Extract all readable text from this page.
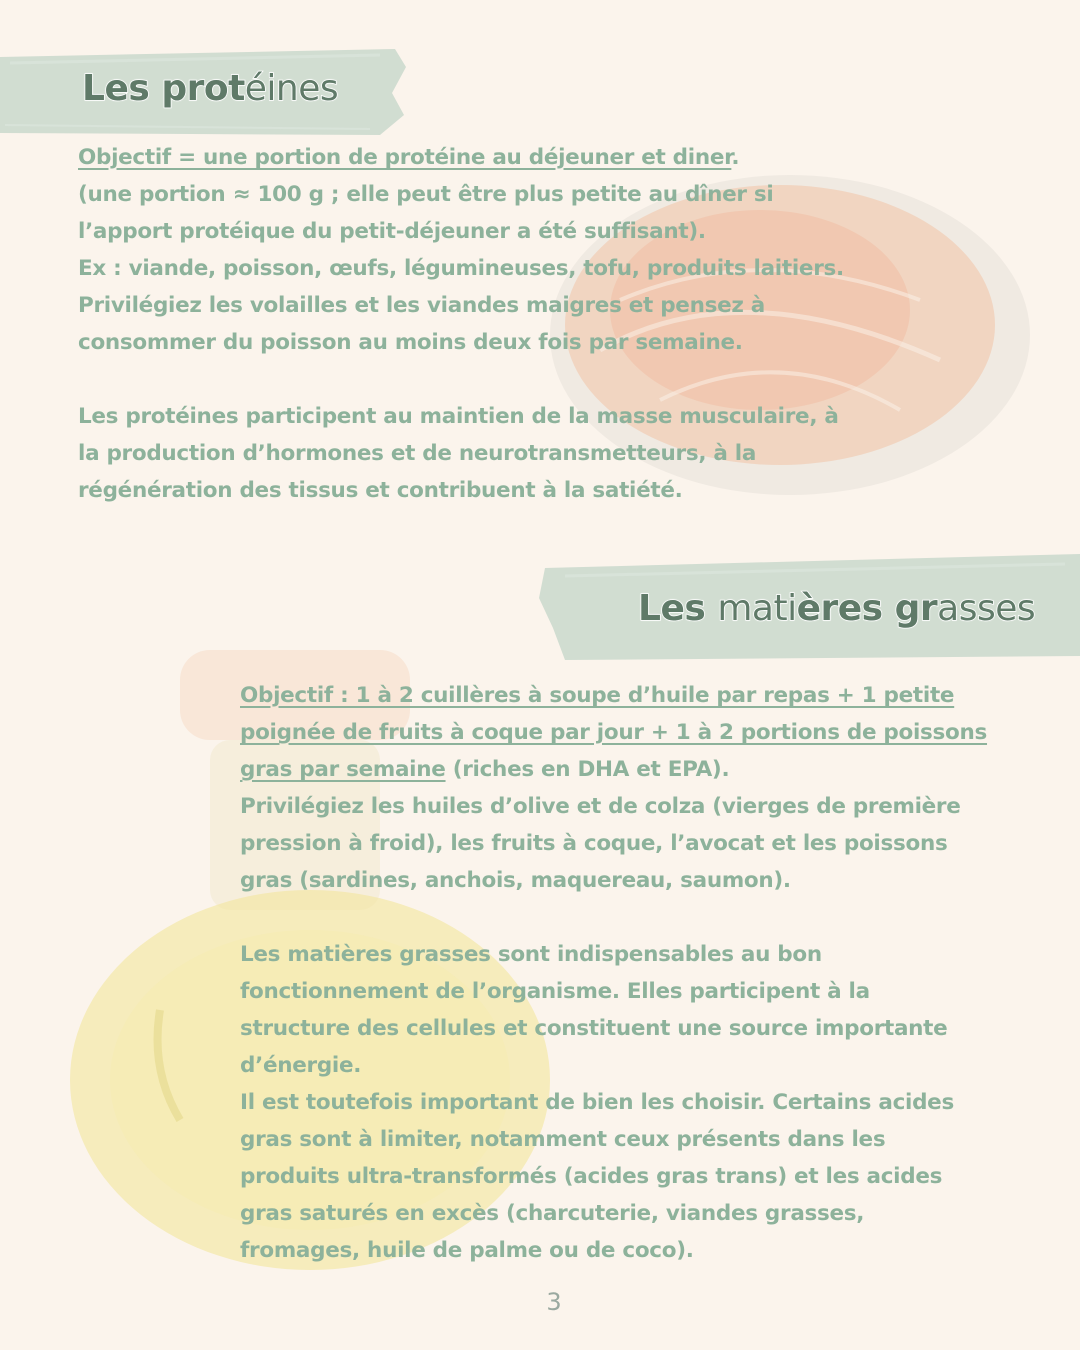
Les protéines

Objectif = une portion de protéine au déjeuner et diner.

(une portion ≈ 100 g ; elle peut être plus petite au dîner si

l’apport protéique du petit-déjeuner a été suffisant).

Ex : viande, poisson, œufs, légumineuses, tofu, produits laitiers.

Privilégiez les volailles et les viandes maigres et pensez à

consommer du poisson au moins deux fois par semaine.

Les protéines participent au maintien de la masse musculaire, à

la production d’hormones et de neurotransmetteurs, à la

régénération des tissus et contribuent à la satiété.

Les matières grasses

Objectif : 1 à 2 cuillères à soupe d’huile par repas + 1 petite

poignée de fruits à coque par jour + 1 à 2 portions de poissons

gras par semaine (riches en DHA et EPA).

Privilégiez les huiles d’olive et de colza (vierges de première

pression à froid), les fruits à coque, l’avocat et les poissons

gras (sardines, anchois, maquereau, saumon).

Les matières grasses sont indispensables au bon

fonctionnement de l’organisme. Elles participent à la

structure des cellules et constituent une source importante

d’énergie.

Il est toutefois important de bien les choisir. Certains acides

gras sont à limiter, notamment ceux présents dans les

produits ultra-transformés (acides gras trans) et les acides

gras saturés en excès (charcuterie, viandes grasses,

fromages, huile de palme ou de coco).

3
